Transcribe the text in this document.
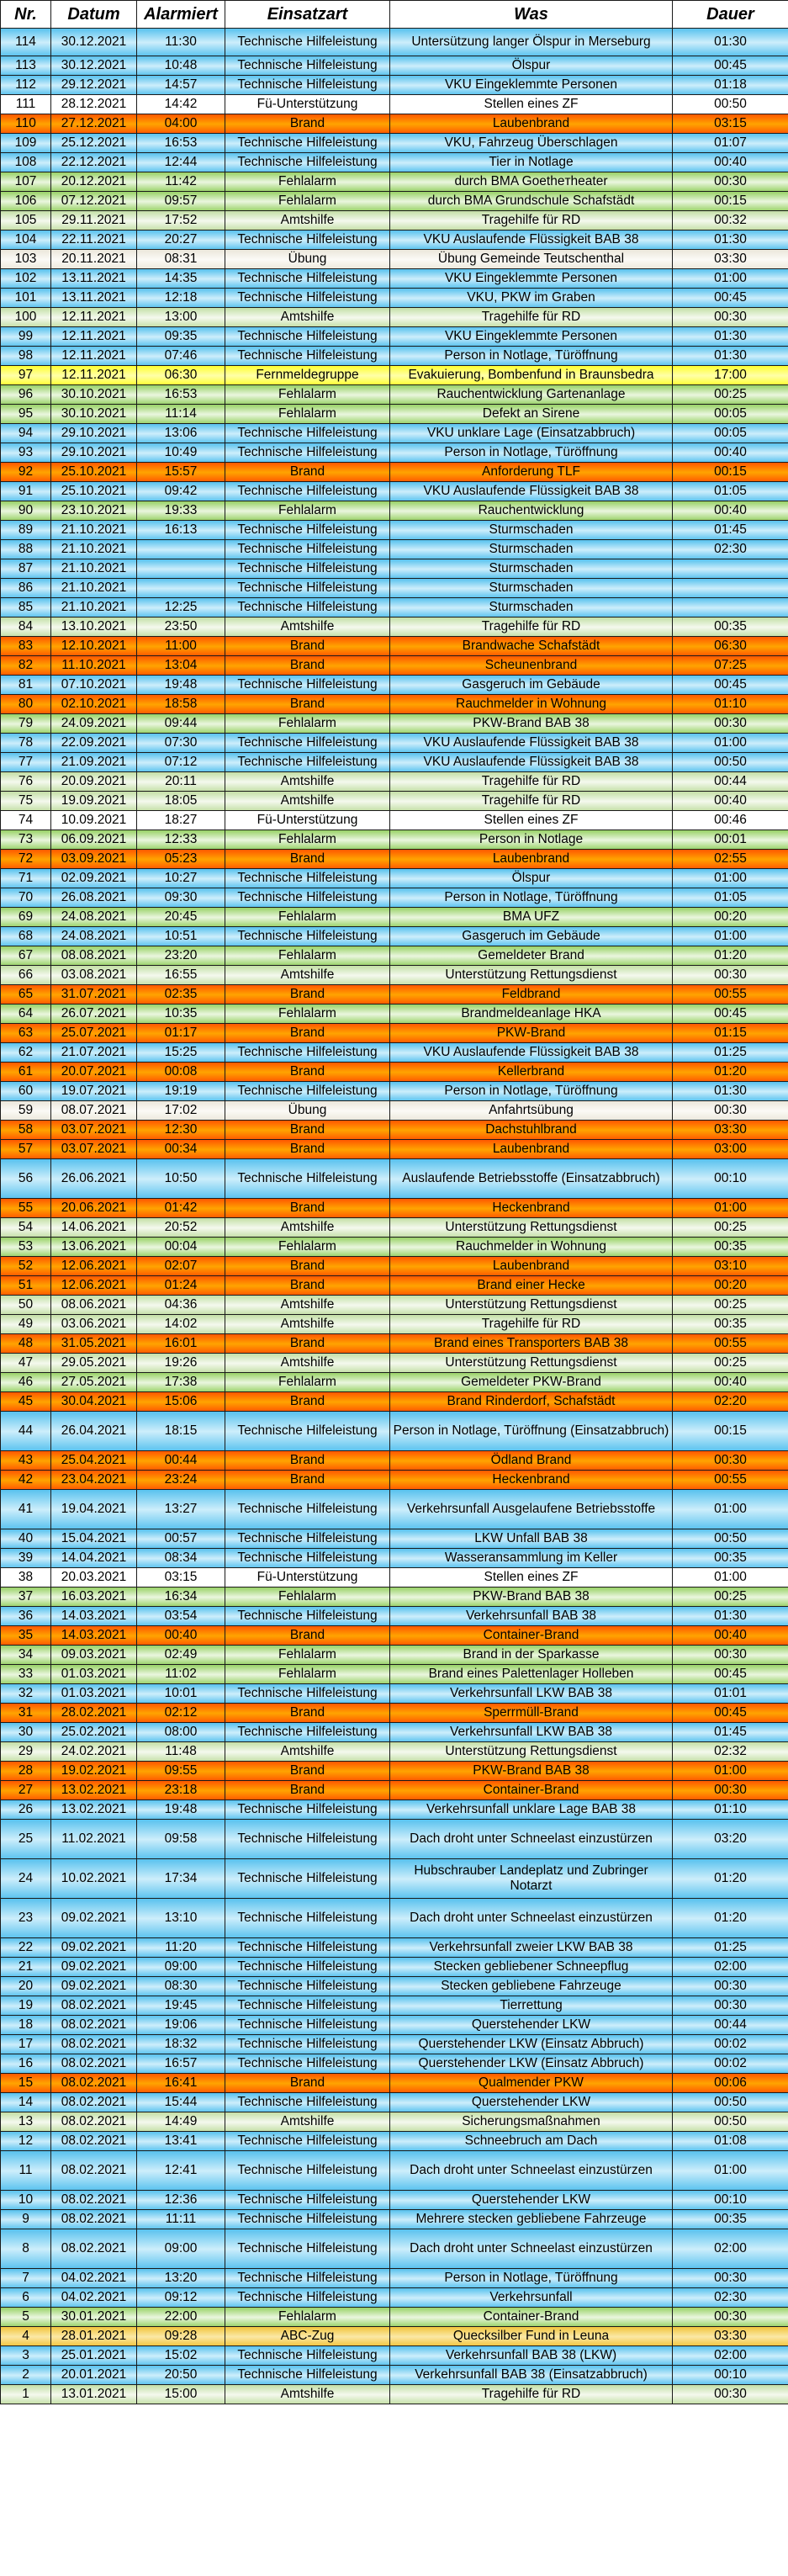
Nr.	Datum	Alarmiert	Einsatzart	Was	Dauer
114	30.12.2021	11:30	Technische Hilfeleistung	Untersützung langer Ölspur in Merseburg	01:30
113	30.12.2021	10:48	Technische Hilfeleistung	Ölspur	00:45
112	29.12.2021	14:57	Technische Hilfeleistung	VKU Eingeklemmte Personen	01:18
111	28.12.2021	14:42	Fü-Unterstützung	Stellen eines ZF	00:50
110	27.12.2021	04:00	Brand	Laubenbrand	03:15
109	25.12.2021	16:53	Technische Hilfeleistung	VKU, Fahrzeug Überschlagen	01:07
108	22.12.2021	12:44	Technische Hilfeleistung	Tier in Notlage	00:40
107	20.12.2021	11:42	Fehlalarm	durch BMA Goetheтheater	00:30
106	07.12.2021	09:57	Fehlalarm	durch BMA Grundschule Schafstädt	00:15
105	29.11.2021	17:52	Amtshilfe	Tragehilfe für RD	00:32
104	22.11.2021	20:27	Technische Hilfeleistung	VKU Auslaufende Flüssigkeit BAB 38	01:30
103	20.11.2021	08:31	Übung	Übung Gemeinde Teutschenthal	03:30
102	13.11.2021	14:35	Technische Hilfeleistung	VKU Eingeklemmte Personen	01:00
101	13.11.2021	12:18	Technische Hilfeleistung	VKU, PKW im Graben	00:45
100	12.11.2021	13:00	Amtshilfe	Tragehilfe für RD	00:30
99	12.11.2021	09:35	Technische Hilfeleistung	VKU Eingeklemmte Personen	01:30
98	12.11.2021	07:46	Technische Hilfeleistung	Person in Notlage, Türöffnung	01:30
97	12.11.2021	06:30	Fernmeldegruppe	Evakuierung, Bombenfund in Braunsbedra	17:00
96	30.10.2021	16:53	Fehlalarm	Rauchentwicklung Gartenanlage	00:25
95	30.10.2021	11:14	Fehlalarm	Defekt an Sirene	00:05
94	29.10.2021	13:06	Technische Hilfeleistung	VKU unklare Lage (Einsatzabbruch)	00:05
93	29.10.2021	10:49	Technische Hilfeleistung	Person in Notlage, Türöffnung	00:40
92	25.10.2021	15:57	Brand	Anforderung TLF	00:15
91	25.10.2021	09:42	Technische Hilfeleistung	VKU Auslaufende Flüssigkeit BAB 38	01:05
90	23.10.2021	19:33	Fehlalarm	Rauchentwicklung	00:40
89	21.10.2021	16:13	Technische Hilfeleistung	Sturmschaden	01:45
88	21.10.2021		Technische Hilfeleistung	Sturmschaden	02:30
87	21.10.2021		Technische Hilfeleistung	Sturmschaden	
86	21.10.2021		Technische Hilfeleistung	Sturmschaden	
85	21.10.2021	12:25	Technische Hilfeleistung	Sturmschaden	
84	13.10.2021	23:50	Amtshilfe	Tragehilfe für RD	00:35
83	12.10.2021	11:00	Brand	Brandwache Schafstädt	06:30
82	11.10.2021	13:04	Brand	Scheunenbrand	07:25
81	07.10.2021	19:48	Technische Hilfeleistung	Gasgeruch im Gebäude	00:45
80	02.10.2021	18:58	Brand	Rauchmelder in Wohnung	01:10
79	24.09.2021	09:44	Fehlalarm	PKW-Brand BAB 38	00:30
78	22.09.2021	07:30	Technische Hilfeleistung	VKU Auslaufende Flüssigkeit BAB 38	01:00
77	21.09.2021	07:12	Technische Hilfeleistung	VKU Auslaufende Flüssigkeit BAB 38	00:50
76	20.09.2021	20:11	Amtshilfe	Tragehilfe für RD	00:44
75	19.09.2021	18:05	Amtshilfe	Tragehilfe für RD	00:40
74	10.09.2021	18:27	Fü-Unterstützung	Stellen eines ZF	00:46
73	06.09.2021	12:33	Fehlalarm	Person in Notlage	00:01
72	03.09.2021	05:23	Brand	Laubenbrand	02:55
71	02.09.2021	10:27	Technische Hilfeleistung	Ölspur	01:00
70	26.08.2021	09:30	Technische Hilfeleistung	Person in Notlage, Türöffnung	01:05
69	24.08.2021	20:45	Fehlalarm	BMA UFZ	00:20
68	24.08.2021	10:51	Technische Hilfeleistung	Gasgeruch im Gebäude	01:00
67	08.08.2021	23:20	Fehlalarm	Gemeldeter Brand	01:20
66	03.08.2021	16:55	Amtshilfe	Unterstützung Rettungsdienst	00:30
65	31.07.2021	02:35	Brand	Feldbrand	00:55
64	26.07.2021	10:35	Fehlalarm	Brandmeldeanlage HKA	00:45
63	25.07.2021	01:17	Brand	PKW-Brand	01:15
62	21.07.2021	15:25	Technische Hilfeleistung	VKU Auslaufende Flüssigkeit BAB 38	01:25
61	20.07.2021	00:08	Brand	Kellerbrand	01:20
60	19.07.2021	19:19	Technische Hilfeleistung	Person in Notlage, Türöffnung	01:30
59	08.07.2021	17:02	Übung	Anfahrtsübung	00:30
58	03.07.2021	12:30	Brand	Dachstuhlbrand	03:30
57	03.07.2021	00:34	Brand	Laubenbrand	03:00
56	26.06.2021	10:50	Technische Hilfeleistung	Auslaufende Betriebsstoffe (Einsatzabbruch)	00:10
55	20.06.2021	01:42	Brand	Heckenbrand	01:00
54	14.06.2021	20:52	Amtshilfe	Unterstützung Rettungsdienst	00:25
53	13.06.2021	00:04	Fehlalarm	Rauchmelder in Wohnung	00:35
52	12.06.2021	02:07	Brand	Laubenbrand	03:10
51	12.06.2021	01:24	Brand	Brand einer Hecke	00:20
50	08.06.2021	04:36	Amtshilfe	Unterstützung Rettungsdienst	00:25
49	03.06.2021	14:02	Amtshilfe	Tragehilfe für RD	00:35
48	31.05.2021	16:01	Brand	Brand eines Transporters BAB 38	00:55
47	29.05.2021	19:26	Amtshilfe	Unterstützung Rettungsdienst	00:25
46	27.05.2021	17:38	Fehlalarm	Gemeldeter PKW-Brand	00:40
45	30.04.2021	15:06	Brand	Brand Rinderdorf, Schafstädt	02:20
44	26.04.2021	18:15	Technische Hilfeleistung	Person in Notlage, Türöffnung (Einsatzabbruch)	00:15
43	25.04.2021	00:44	Brand	Ödland Brand	00:30
42	23.04.2021	23:24	Brand	Heckenbrand	00:55
41	19.04.2021	13:27	Technische Hilfeleistung	Verkehrsunfall Ausgelaufene Betriebsstoffe	01:00
40	15.04.2021	00:57	Technische Hilfeleistung	LKW Unfall BAB 38	00:50
39	14.04.2021	08:34	Technische Hilfeleistung	Wasseransammlung im Keller	00:35
38	20.03.2021	03:15	Fü-Unterstützung	Stellen eines ZF	01:00
37	16.03.2021	16:34	Fehlalarm	PKW-Brand BAB 38	00:25
36	14.03.2021	03:54	Technische Hilfeleistung	Verkehrsunfall BAB 38	01:30
35	14.03.2021	00:40	Brand	Container-Brand	00:40
34	09.03.2021	02:49	Fehlalarm	Brand in der Sparkasse	00:30
33	01.03.2021	11:02	Fehlalarm	Brand eines Palettenlager Holleben	00:45
32	01.03.2021	10:01	Technische Hilfeleistung	Verkehrsunfall LKW BAB 38	01:01
31	28.02.2021	02:12	Brand	Sperrmüll-Brand	00:45
30	25.02.2021	08:00	Technische Hilfeleistung	Verkehrsunfall LKW BAB 38	01:45
29	24.02.2021	11:48	Amtshilfe	Unterstützung Rettungsdienst	02:32
28	19.02.2021	09:55	Brand	PKW-Brand BAB 38	01:00
27	13.02.2021	23:18	Brand	Container-Brand	00:30
26	13.02.2021	19:48	Technische Hilfeleistung	Verkehrsunfall unklare Lage BAB 38	01:10
25	11.02.2021	09:58	Technische Hilfeleistung	Dach droht unter Schneelast einzustürzen	03:20
24	10.02.2021	17:34	Technische Hilfeleistung	Hubschrauber Landeplatz und Zubringer Notarzt	01:20
23	09.02.2021	13:10	Technische Hilfeleistung	Dach droht unter Schneelast einzustürzen	01:20
22	09.02.2021	11:20	Technische Hilfeleistung	Verkehrsunfall zweier LKW BAB 38	01:25
21	09.02.2021	09:00	Technische Hilfeleistung	Stecken gebliebener Schneepflug	02:00
20	09.02.2021	08:30	Technische Hilfeleistung	Stecken gebliebene Fahrzeuge	00:30
19	08.02.2021	19:45	Technische Hilfeleistung	Tierrettung	00:30
18	08.02.2021	19:06	Technische Hilfeleistung	Querstehender LKW	00:44
17	08.02.2021	18:32	Technische Hilfeleistung	Querstehender LKW (Einsatz Abbruch)	00:02
16	08.02.2021	16:57	Technische Hilfeleistung	Querstehender LKW (Einsatz Abbruch)	00:02
15	08.02.2021	16:41	Brand	Qualmender PKW	00:06
14	08.02.2021	15:44	Technische Hilfeleistung	Querstehender LKW	00:50
13	08.02.2021	14:49	Amtshilfe	Sicherungsmaßnahmen	00:50
12	08.02.2021	13:41	Technische Hilfeleistung	Schneebruch am Dach	01:08
11	08.02.2021	12:41	Technische Hilfeleistung	Dach droht unter Schneelast einzustürzen	01:00
10	08.02.2021	12:36	Technische Hilfeleistung	Querstehender LKW	00:10
9	08.02.2021	11:11	Technische Hilfeleistung	Mehrere stecken gebliebene Fahrzeuge	00:35
8	08.02.2021	09:00	Technische Hilfeleistung	Dach droht unter Schneelast einzustürzen	02:00
7	04.02.2021	13:20	Technische Hilfeleistung	Person in Notlage, Türöffnung	00:30
6	04.02.2021	09:12	Technische Hilfeleistung	Verkehrsunfall	02:30
5	30.01.2021	22:00	Fehlalarm	Container-Brand	00:30
4	28.01.2021	09:28	ABC-Zug	Quecksilber Fund in Leuna	03:30
3	25.01.2021	15:02	Technische Hilfeleistung	Verkehrsunfall BAB 38 (LKW)	02:00
2	20.01.2021	20:50	Technische Hilfeleistung	Verkehrsunfall BAB 38 (Einsatzabbruch)	00:10
1	13.01.2021	15:00	Amtshilfe	Tragehilfe für RD	00:30
